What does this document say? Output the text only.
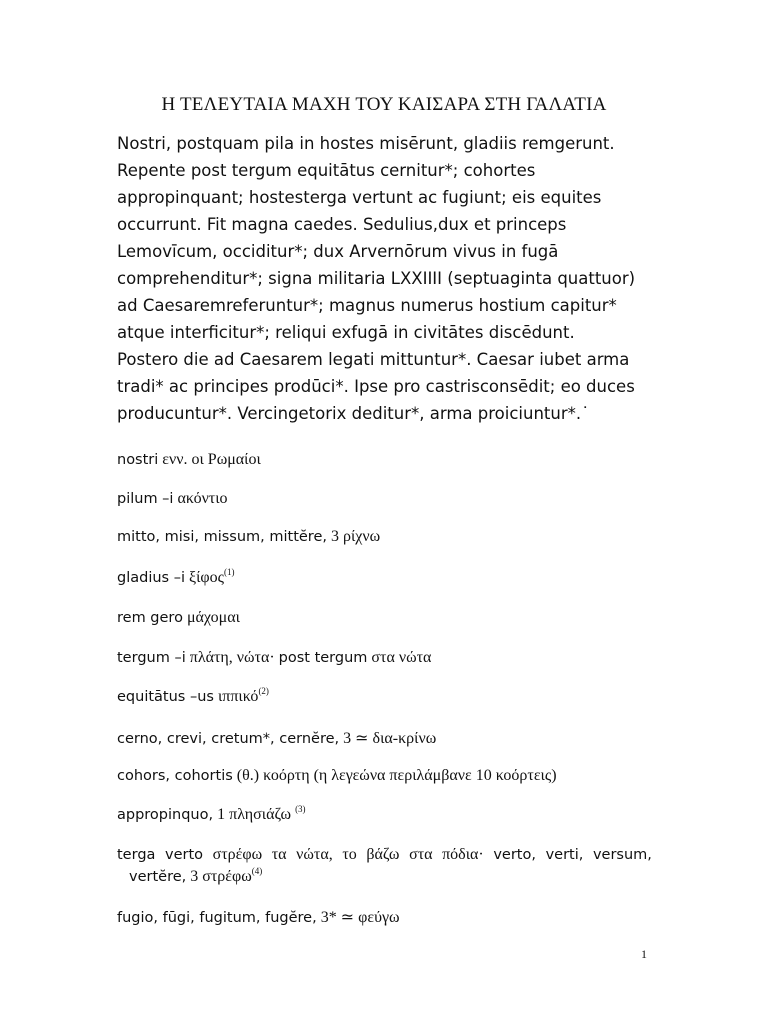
Η ΤΕΛΕΥΤΑΙΑ ΜΑΧΗ ΤΟΥ ΚΑΙΣΑΡΑ ΣΤΗ ΓΑΛΑΤΙΑ
Nostri, postquam pila in hostes misērunt, gladiis remgerunt.
Repente post tergum equitātus cernitur*; cohortes
appropinquant; hostesterga vertunt ac fugiunt; eis equites
occurrunt. Fit magna caedes. Sedulius,dux et princeps
Lemovīcum, occiditur*; dux Arvernōrum vivus in fugā
comprehenditur*; signa militaria LXXIIII (septuaginta quattuor)
ad Caesaremreferuntur*; magnus numerus hostium capitur*
atque interficitur*; reliqui exfugā in civitātes discēdunt.
Postero die ad Caesarem legati mittuntur*. Caesar iubet arma
tradi* ac principes prodūci*. Ipse pro castrisconsēdit; eo duces
producuntur*. Vercingetorix deditur*, arma proiciuntur*.˙
nostri ενν. οι Ρωμαίοι
pilum –i ακόντιο
mitto, misi, missum, mittĕre, 3 ρίχνω
gladius –i ξίφος$^{(1)}$
rem gero μάχομαι
tergum –i πλάτη, νώτα· post tergum στα νώτα
equitātus –us ιππικό$^{(2)}$
cerno, crevi, cretum*, cernĕre, 3 ≃ δια-κρίνω
cohors, cohortis (θ.) κοόρτη (η λεγεώνα περιλάμβανε 10 κοόρτεις)
appropinquo, 1 πλησιάζω $^{(3)}$
terga verto στρέφω τα νώτα, το βάζω στα πόδια· verto, verti, versum,
vertĕre, 3 στρέφω$^{(4)}$
fugio, fūgi, fugitum, fugĕre, 3* ≃ φεύγω
1
